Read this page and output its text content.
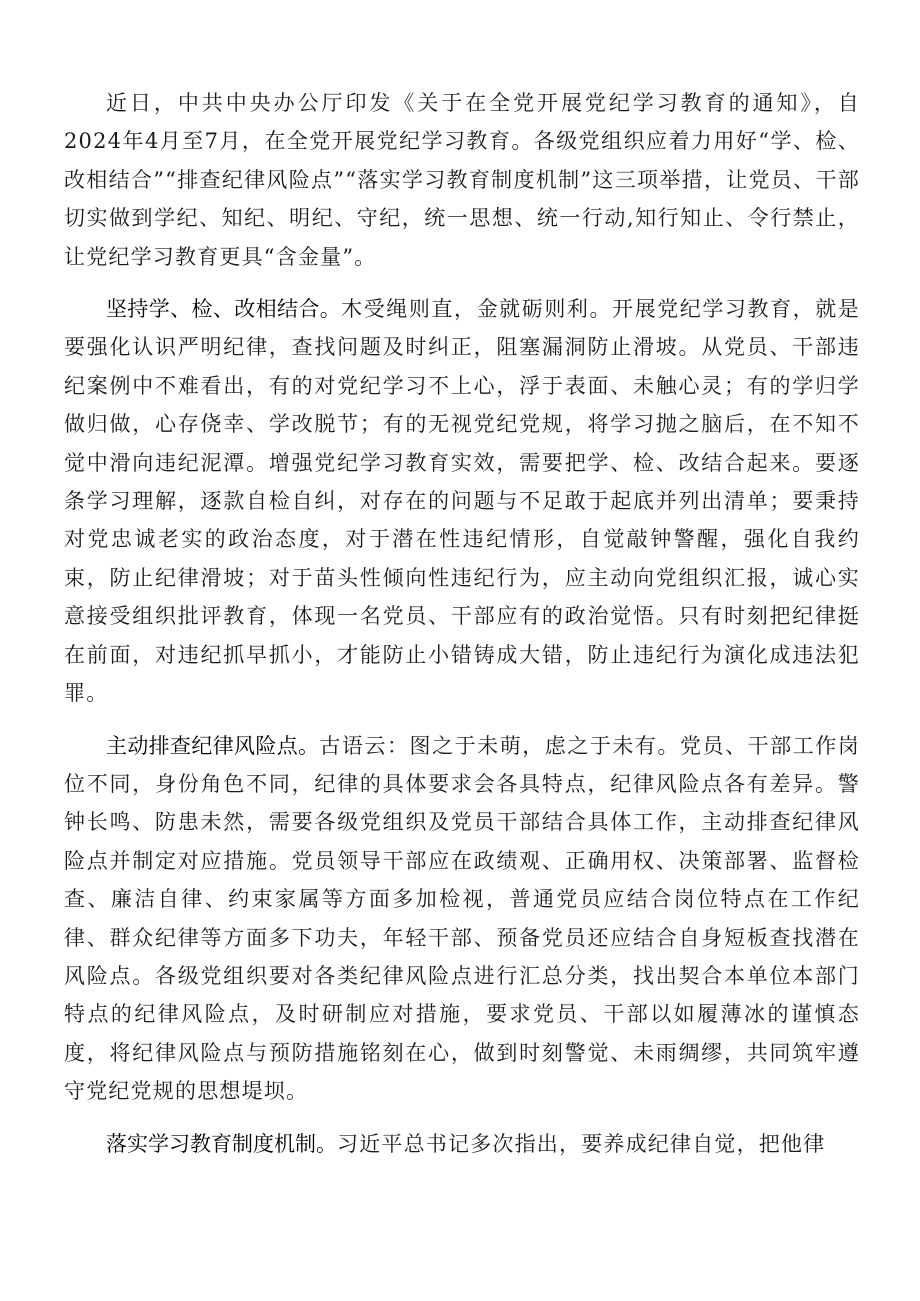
近日，中共中央办公厅印发《关于在全党开展党纪学习教育的通知》，自2024年4月至7月，在全党开展党纪学习教育。各级党组织应着力用好“学、检、改相结合”“排查纪律风险点”“落实学习教育制度机制”这三项举措，让党员、干部切实做到学纪、知纪、明纪、守纪，统一思想、统一行动,知行知止、令行禁止，让党纪学习教育更具“含金量”。

坚持学、检、改相结合。木受绳则直，金就砺则利。开展党纪学习教育，就是要强化认识严明纪律，查找问题及时纠正，阻塞漏洞防止滑坡。从党员、干部违纪案例中不难看出，有的对党纪学习不上心，浮于表面、未触心灵；有的学归学做归做，心存侥幸、学改脱节；有的无视党纪党规，将学习抛之脑后，在不知不觉中滑向违纪泥潭。增强党纪学习教育实效，需要把学、检、改结合起来。要逐条学习理解，逐款自检自纠，对存在的问题与不足敢于起底并列出清单；要秉持对党忠诚老实的政治态度，对于潜在性违纪情形，自觉敲钟警醒，强化自我约束，防止纪律滑坡；对于苗头性倾向性违纪行为，应主动向党组织汇报，诚心实意接受组织批评教育，体现一名党员、干部应有的政治觉悟。只有时刻把纪律挺在前面，对违纪抓早抓小，才能防止小错铸成大错，防止违纪行为演化成违法犯罪。

主动排查纪律风险点。古语云：图之于未萌，虑之于未有。党员、干部工作岗位不同，身份角色不同，纪律的具体要求会各具特点，纪律风险点各有差异。警钟长鸣、防患未然，需要各级党组织及党员干部结合具体工作，主动排查纪律风险点并制定对应措施。党员领导干部应在政绩观、正确用权、决策部署、监督检查、廉洁自律、约束家属等方面多加检视，普通党员应结合岗位特点在工作纪律、群众纪律等方面多下功夫，年轻干部、预备党员还应结合自身短板查找潜在风险点。各级党组织要对各类纪律风险点进行汇总分类，找出契合本单位本部门特点的纪律风险点，及时研制应对措施，要求党员、干部以如履薄冰的谨慎态度，将纪律风险点与预防措施铭刻在心，做到时刻警觉、未雨绸缪，共同筑牢遵守党纪党规的思想堤坝。

落实学习教育制度机制。习近平总书记多次指出，要养成纪律自觉，把他律
